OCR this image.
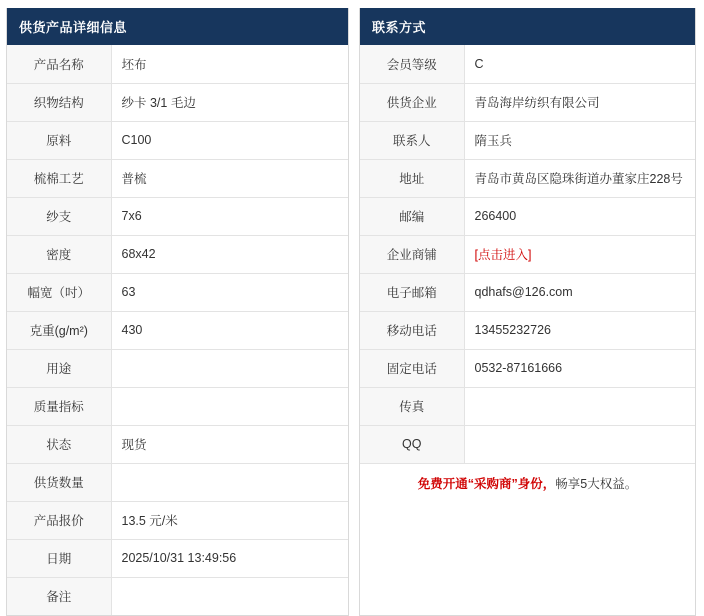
供货产品详细信息
产品名称	坯布
织物结构	纱卡 3/1 毛边
原料	C100
梳棉工艺	普梳
纱支	7x6
密度	68x42
幅宽（吋）	63
克重(g/m²)	430
用途	
质量指标	
状态	现货
供货数量	
产品报价	13.5 元/米
日期	2025/10/31 13:49:56
备注	
联系方式
会员等级	C
供货企业	青岛海岸纺织有限公司
联系人	隋玉兵
地址	青岛市黄岛区隐珠街道办董家庄228号
邮编	266400
企业商铺	[点击进入]
电子邮箱	qdhafs@126.com
移动电话	13455232726
固定电话	0532-87161666
传真	
QQ	
免费开通“采购商”身份，畅享5大权益。	
